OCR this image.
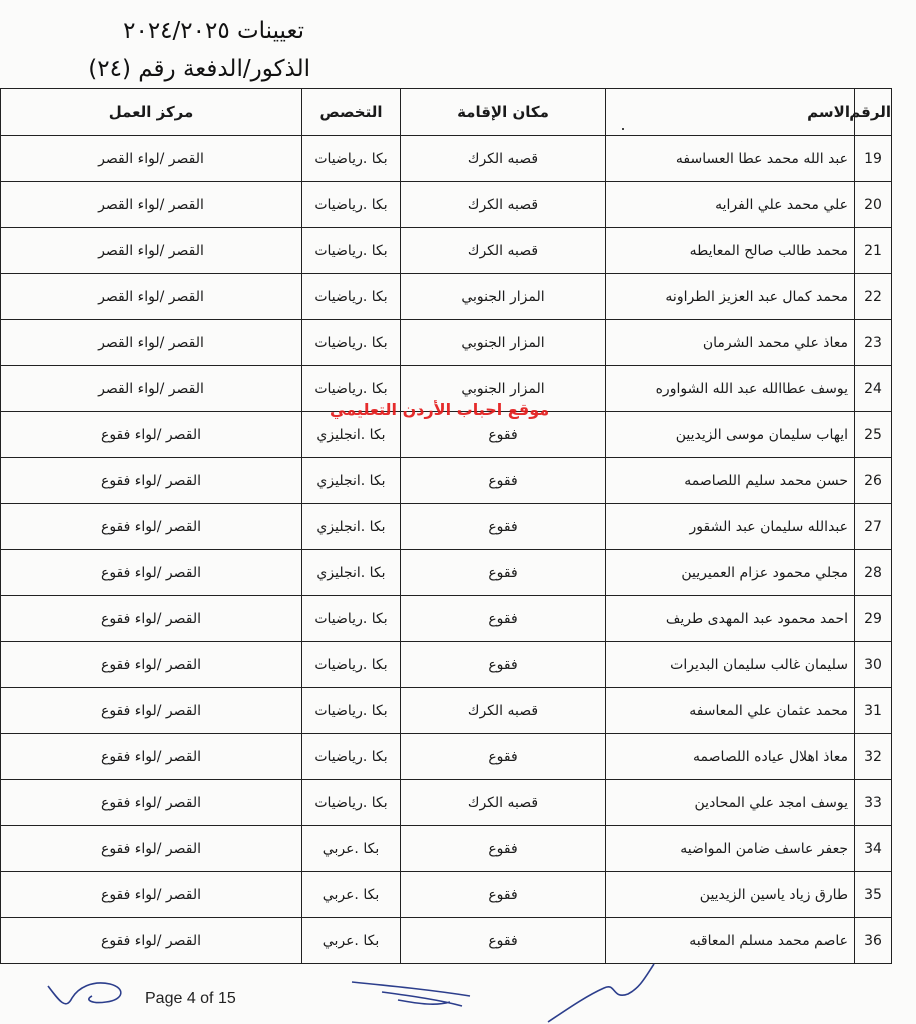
تعيينات ٢٠٢٤/٢٠٢٥
الذكور/الدفعة رقم (٢٤)
الرقم	الاسم	مكان الإقامة	التخصص	مركز العمل
19	عبد الله محمد عطا العساسفه	قصبه الكرك	بكا .رياضيات	القصر /لواء القصر
20	علي محمد علي الفرايه	قصبه الكرك	بكا .رياضيات	القصر /لواء القصر
21	محمد طالب صالح المعايطه	قصبه الكرك	بكا .رياضيات	القصر /لواء القصر
22	محمد كمال عبد العزيز الطراونه	المزار الجنوبي	بكا .رياضيات	القصر /لواء القصر
23	معاذ علي محمد الشرمان	المزار الجنوبي	بكا .رياضيات	القصر /لواء القصر
24	يوسف عطاالله عبد الله الشواوره	المزار الجنوبي	بكا .رياضيات	القصر /لواء القصر
25	ايهاب سليمان موسى الزيديين	فقوع	بكا .انجليزي	القصر /لواء فقوع
26	حسن محمد سليم اللصاصمه	فقوع	بكا .انجليزي	القصر /لواء فقوع
27	عبدالله سليمان عبد الشقور	فقوع	بكا .انجليزي	القصر /لواء فقوع
28	مجلي محمود عزام العميريين	فقوع	بكا .انجليزي	القصر /لواء فقوع
29	احمد محمود عبد المهدى طريف	فقوع	بكا .رياضيات	القصر /لواء فقوع
30	سليمان غالب سليمان البديرات	فقوع	بكا .رياضيات	القصر /لواء فقوع
31	محمد عثمان علي المعاسفه	قصبه الكرك	بكا .رياضيات	القصر /لواء فقوع
32	معاذ اهلال عياده اللصاصمه	فقوع	بكا .رياضيات	القصر /لواء فقوع
33	يوسف امجد علي المحادين	قصبه الكرك	بكا .رياضيات	القصر /لواء فقوع
34	جعفر عاسف ضامن المواضيه	فقوع	بكا .عربي	القصر /لواء فقوع
35	طارق زياد ياسين الزيديين	فقوع	بكا .عربي	القصر /لواء فقوع
36	عاصم محمد مسلم المعاقبه	فقوع	بكا .عربي	القصر /لواء فقوع
موقع احباب الأردن التعليمي
Page 4 of 15
